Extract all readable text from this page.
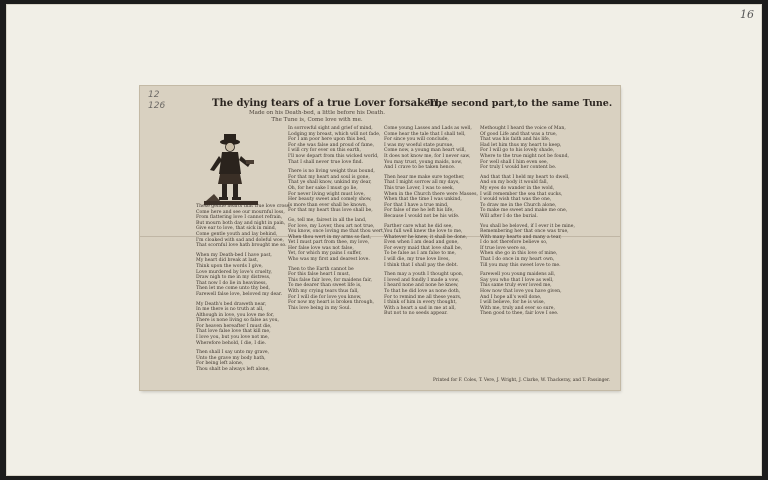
16
12
126	The dying tears of a true Lover forsaken,
Made on his Death-bed, a little before his Death.
The Tune is, Come love with me.
The second part, to the same Tune.
These gentle hearts that true love cross,
Come here and see our mournful loss,
From flattering love I cannot refrain,
But mourn both day and night in pain,
Give ear to love, that sick in mind,
Come gentle youth and lay behind,
I'm cloaked with sad and doleful woe,
That scornful love hath brought me so.
When my Death-bed I have past,
My heart did break at last,
Think upon the words I give,
Love murdered by love's cruelty,
Draw nigh to me in my distress,
That now I do lie in heaviness,
Then let me come unto thy bed,
Farewell false love, beloved my dear.
My Death's bed draweth near,
In me there is no truth at all,
Although in love, you love me for,
There is none living so false as you,
For heaven hereafter I must die,
That love false love that kill me,
I love you, but you love not me,
Wherefore behold, I die, I die.
Then shall I say unto my grave,
Unto the grave my body hath,
For being left alone,
Thou shalt be always left alone,
In sorrowful sight and grief of mind,
Lodging my breast, which will not fade,
For I am poor here upon this bed,
For she was false and proud of fame,
I will cry for ever on this earth,
I'll now depart from this wicked world,
That I shall never true love find.
There is no living weight thus bound,
For that my heart and soul is gone,
That ye shall know, unkind my dear,
Oh, for her sake I must go lie,
For never living wight must love,
Her beauty sweet and comely show,
Is more than ever shall be known,
For that my heart thus love shall be,
Go, tell me, fairest in all the land,
For love, my Lover, thou art not true,
You know, once loving me that thou wert,
When thou wert in my arms so fast,
Yet I must part from thee, my love,
Her false love was not false,
Yet, for which my pains I suffer,
Who was my first and dearest love.
Then to the Earth cannot be
For this false heart I must,
This false fair love, for maidens fair,
To me dearer than sweet life is,
With my crying tears thus fall,
For I will die for love you know,
For now my heart is broken through,
This love being in my Soul.
Come young Lasses and Lads as well,
Come hear the tale that I shall tell,
For since you will conclude,
I was my woeful state pursue,
Come now, a young man heart will,
It does not know me, for I never saw,
You may trust, young maids, now,
And I crave to be taken hence.
Then hear me make sure together,
That I might sorrow all my days,
This true Lover, I was to seek,
When in the Church there were Masses,
When that the time I was unkind,
For that I have a true mind,
For false of me he left his life,
Because I would not be his wife.
Farther care what he did see,
You full well knew the love to me,
Whatever he knew, it shall be done,
Even when I am dead and gone,
For every maid that love shall be,
To be false as I am false to me,
I will die, my true love lives,
I think that I shall pay the debt.
Then may a youth I thought upon,
I loved and fondly I made a vow,
I heard none and none he knew,
To that he did love as none doth,
For to remind me all these years,
I think of him in every thought,
With a heart a sad in me at all,
But not to no seeds appear.
Methought I heard the voice of Man,
Of good Life and that was a true,
That was his faith and his life,
Had let him thus my heart to keep,
For I will go to his lovely shade,
Where to the true might not be found,
For well shall I him even see,
For truly I would her content be.
And that that I held my heart to dwell,
And on my body it would fall,
My eyes do wander in the wold,
I will remember the sea that sucks,
I would wish that was the one,
To draw me in the Church alone,
To make me sweet and make me one,
Will after I do the burial.
You shall be beloved, if I ever it be mine,
Remembering her that once was true,
With many hearts and many a tear,
I do not therefore believe so,
If true love were so,
When she go in this love of mine,
That I do once in my heart own,
Till you may this sweet love to me.
Farewell you young maidens all,
Say you who that I love as well,
This same truly ever loved me,
How now that love you have given,
And I hope all's well done,
I will believe, for he is wise,
With me, truly and ever so sure,
Then good to thee, fair love I see.
Printed for F. Coles, T. Vere, J. Wright, J. Clarke, W. Thackeray, and T. Passinger.
